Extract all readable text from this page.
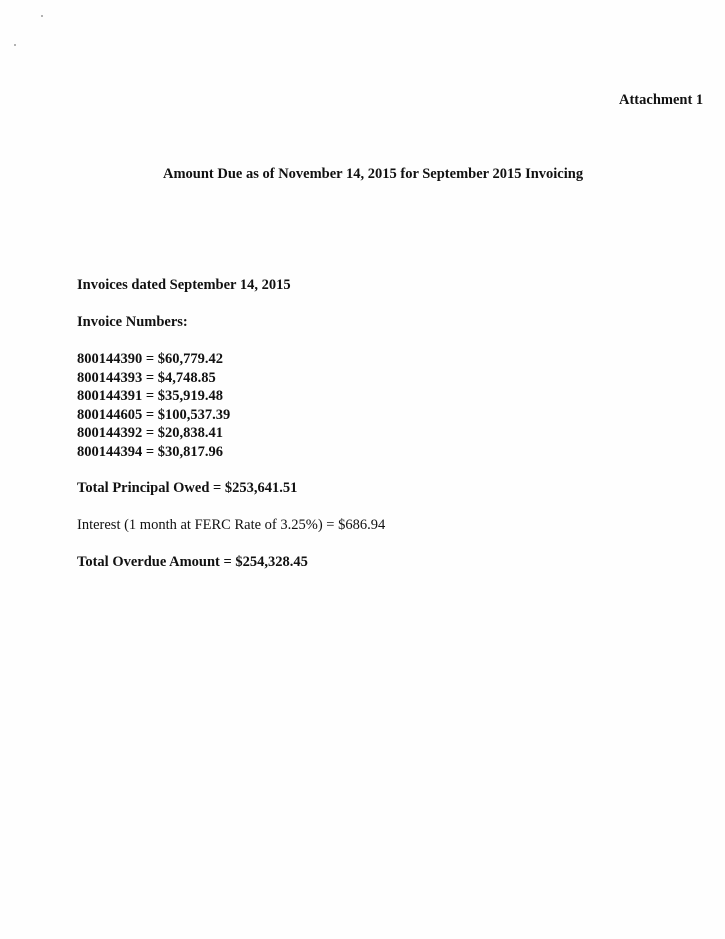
Attachment 1
Amount Due as of November 14, 2015 for September 2015 Invoicing
Invoices dated September 14, 2015
Invoice Numbers:
800144390 = $60,779.42
800144393 = $4,748.85
800144391 = $35,919.48
800144605 = $100,537.39
800144392 = $20,838.41
800144394 = $30,817.96
Total Principal Owed = $253,641.51
Interest (1 month at FERC Rate of 3.25%) = $686.94
Total Overdue Amount = $254,328.45
